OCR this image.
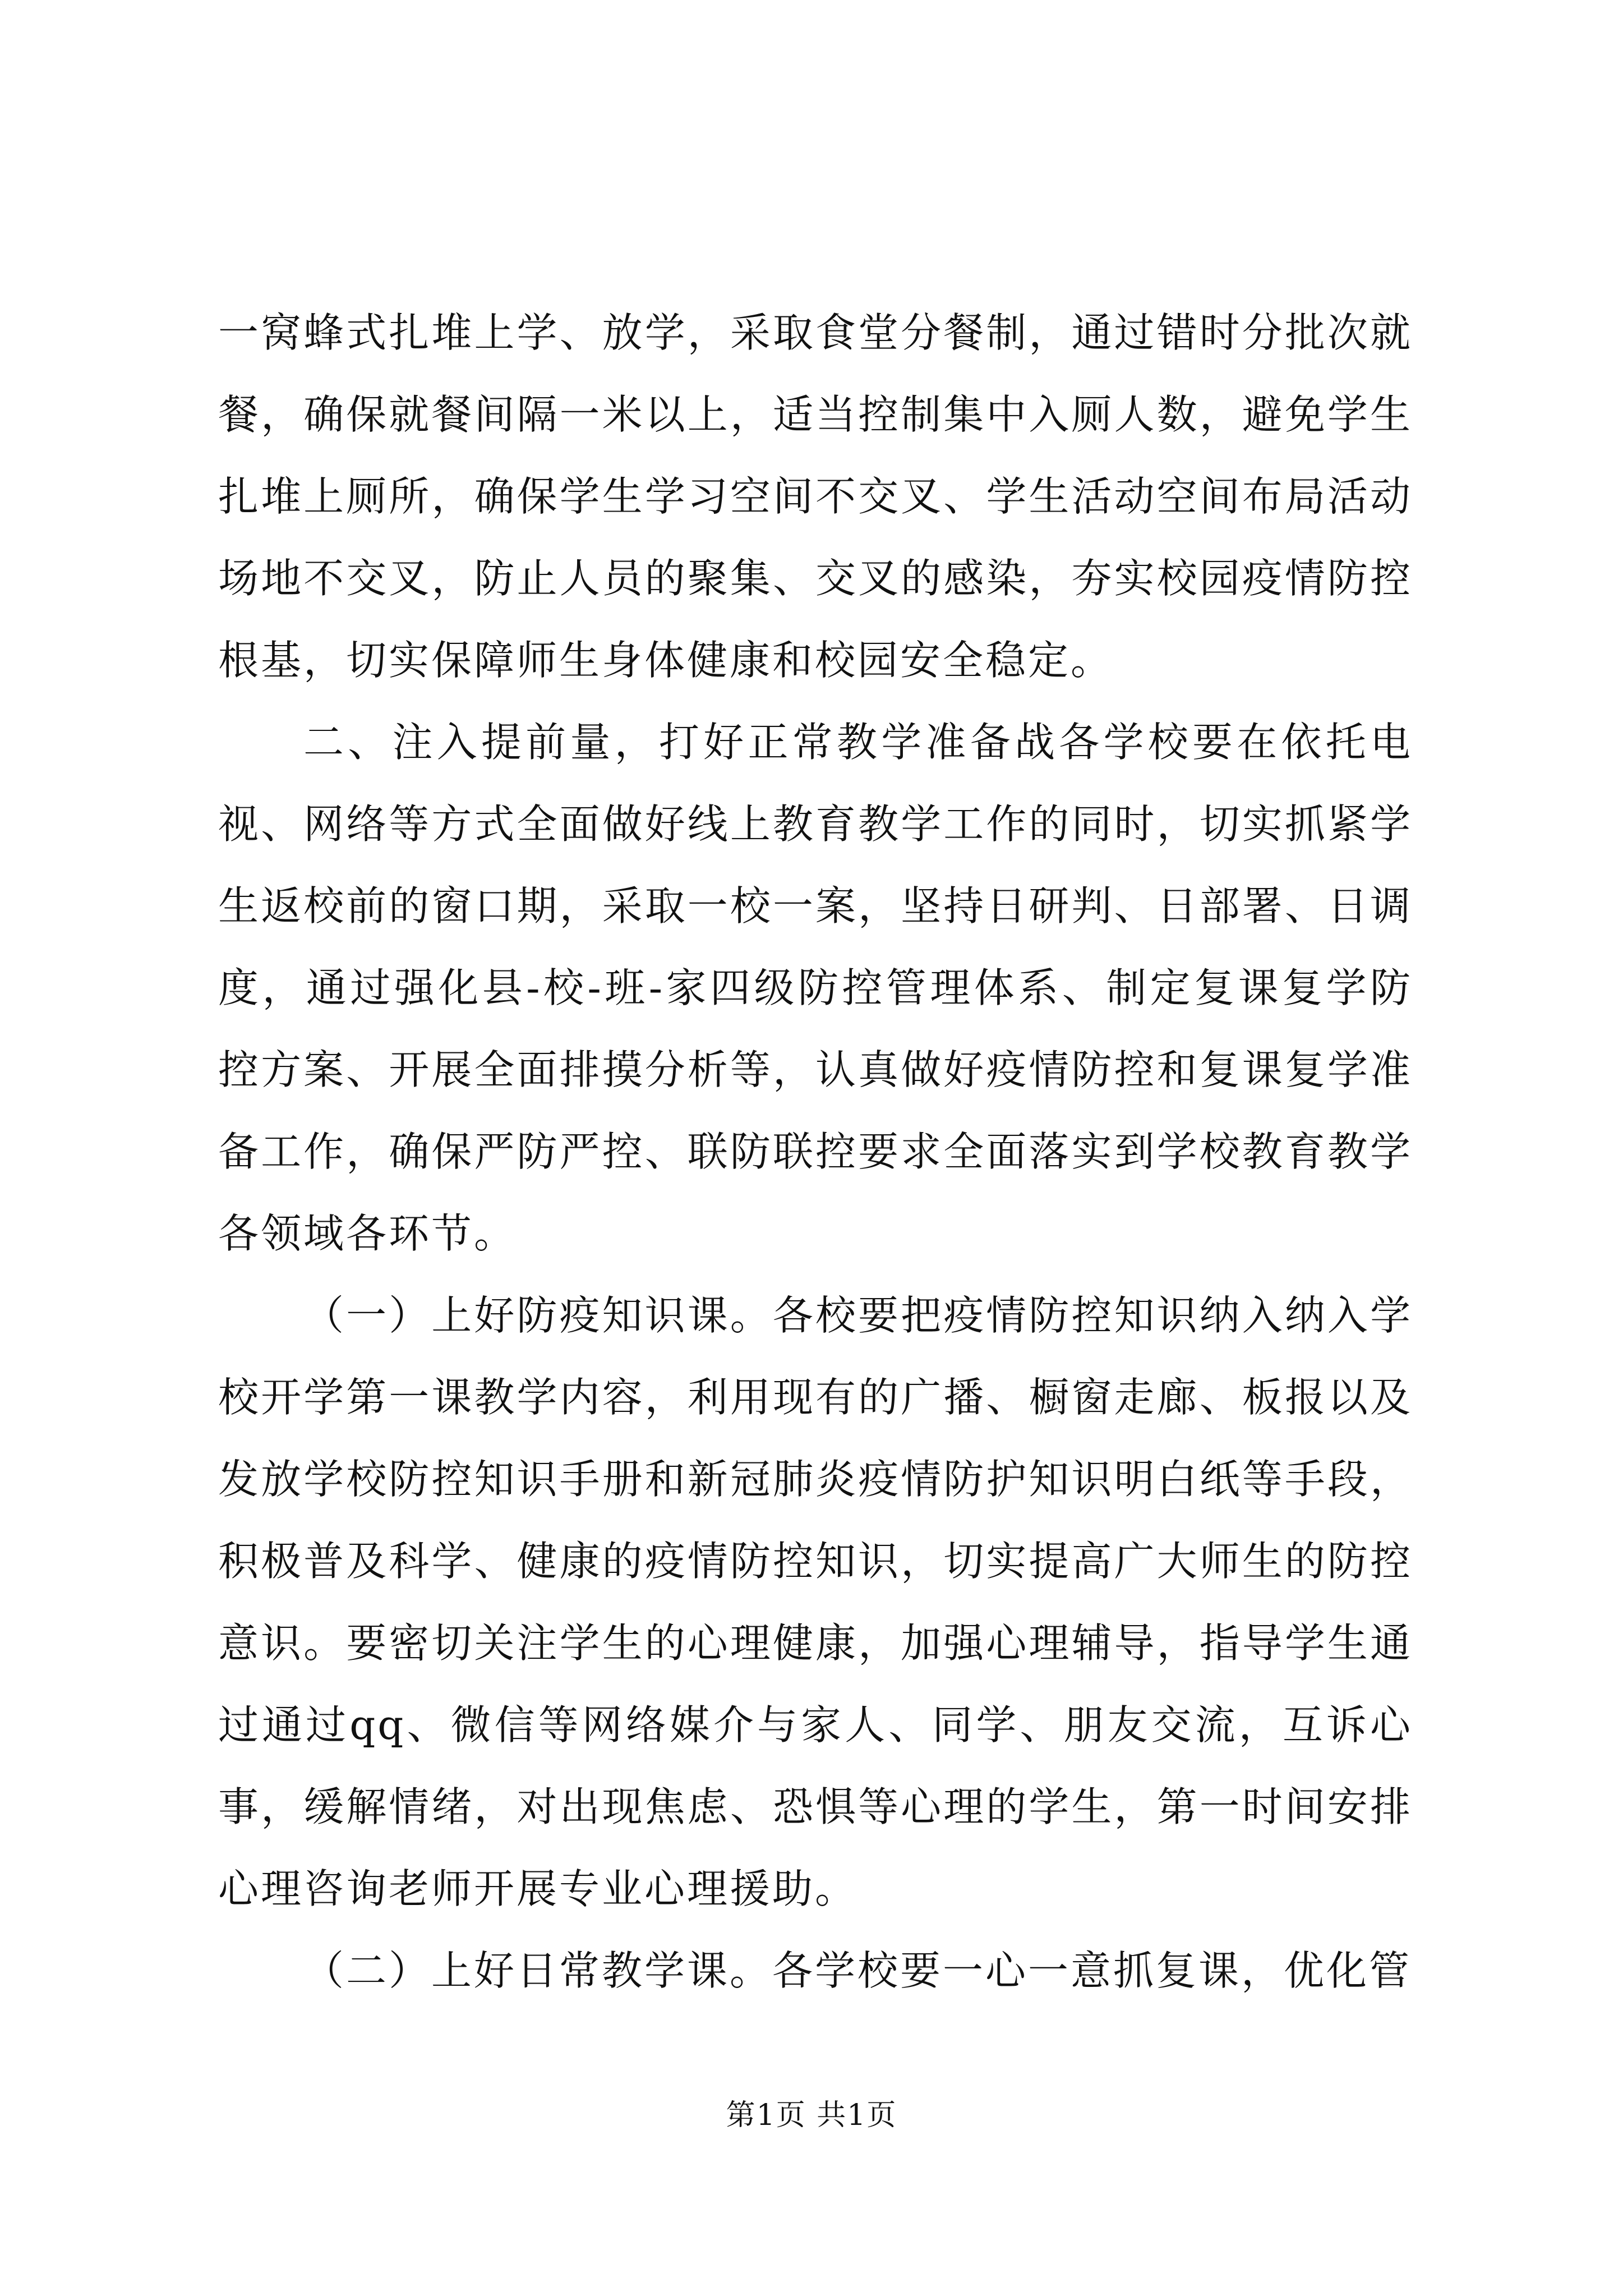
一窝蜂式扎堆上学、放学，采取食堂分餐制，通过错时分批次就餐，确保就餐间隔一米以上，适当控制集中入厕人数，避免学生扎堆上厕所，确保学生学习空间不交叉、学生活动空间布局活动场地不交叉，防止人员的聚集、交叉的感染，夯实校园疫情防控根基，切实保障师生身体健康和校园安全稳定。

二、注入提前量，打好正常教学准备战各学校要在依托电视、网络等方式全面做好线上教育教学工作的同时，切实抓紧学生返校前的窗口期，采取一校一案，坚持日研判、日部署、日调度，通过强化县-校-班-家四级防控管理体系、制定复课复学防控方案、开展全面排摸分析等，认真做好疫情防控和复课复学准备工作，确保严防严控、联防联控要求全面落实到学校教育教学各领域各环节。

（一）上好防疫知识课。各校要把疫情防控知识纳入纳入学校开学第一课教学内容，利用现有的广播、橱窗走廊、板报以及发放学校防控知识手册和新冠肺炎疫情防护知识明白纸等手段，积极普及科学、健康的疫情防控知识，切实提高广大师生的防控意识。要密切关注学生的心理健康，加强心理辅导，指导学生通过通过qq、微信等网络媒介与家人、同学、朋友交流，互诉心事，缓解情绪，对出现焦虑、恐惧等心理的学生，第一时间安排心理咨询老师开展专业心理援助。

（二）上好日常教学课。各学校要一心一意抓复课，优化管

第1页 共1页
